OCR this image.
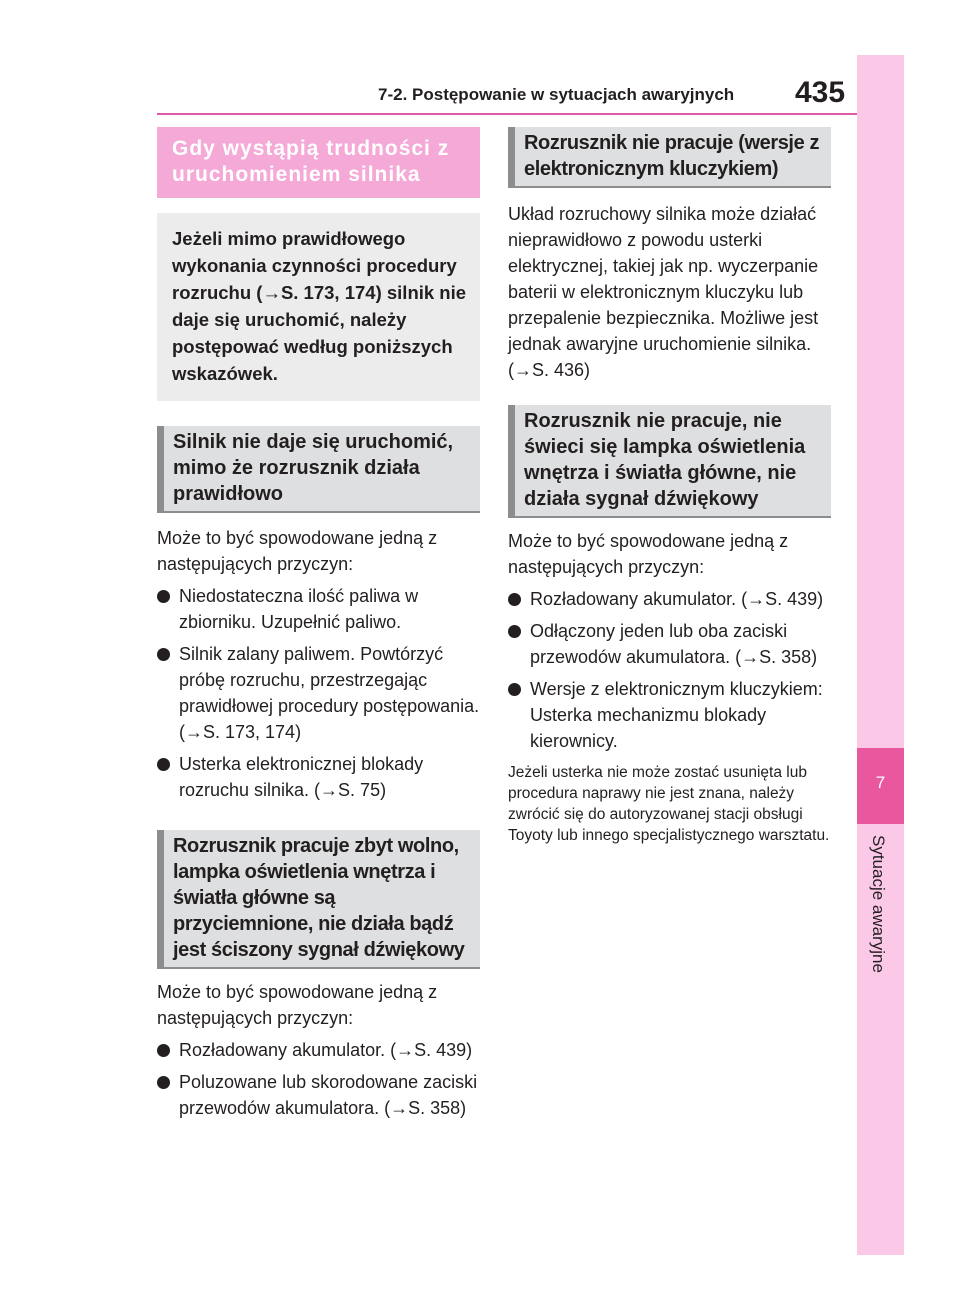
7
Sytuacje awaryjne
7-2. Postępowanie w sytuacjach awaryjnych 435
Gdy wystąpią trudności z uruchomieniem silnika
Jeżeli mimo prawidłowego wykonania czynności procedury rozruchu (→S. 173, 174) silnik nie daje się uruchomić, należy postępować według poniższych wskazówek.
Silnik nie daje się uruchomić, mimo że rozrusznik działa prawidłowo

Może to być spowodowane jedną z następujących przyczyn:

Niedostateczna ilość paliwa w zbiorniku. Uzupełnić paliwo.
Silnik zalany paliwem. Powtórzyć próbę rozruchu, przestrzegając prawidłowej procedury postępowania. (→S. 173, 174)
Usterka elektronicznej blokady rozruchu silnika. (→S. 75)
Rozrusznik pracuje zbyt wolno, lampka oświetlenia wnętrza i światła główne są przyciemnione, nie działa bądź jest ściszony sygnał dźwiękowy

Może to być spowodowane jedną z następujących przyczyn:

Rozładowany akumulator. (→S. 439)
Poluzowane lub skorodowane zaciski przewodów akumulatora. (→S. 358)
Rozrusznik nie pracuje (wersje z elektronicznym kluczykiem)

Układ rozruchowy silnika może działać nieprawidłowo z powodu usterki elektrycznej, takiej jak np. wyczerpanie baterii w elektronicznym kluczyku lub przepalenie bezpiecznika. Możliwe jest jednak awaryjne uruchomienie silnika. (→S. 436)

Rozrusznik nie pracuje, nie świeci się lampka oświetlenia wnętrza i światła główne, nie działa sygnał dźwiękowy

Może to być spowodowane jedną z następujących przyczyn:

Rozładowany akumulator. (→S. 439)
Odłączony jeden lub oba zaciski przewodów akumulatora. (→S. 358)
Wersje z elektronicznym kluczykiem: Usterka mechanizmu blokady kierownicy.

Jeżeli usterka nie może zostać usunięta lub procedura naprawy nie jest znana, należy zwrócić się do autoryzowanej stacji obsługi Toyoty lub innego specjalistycznego warsztatu.
